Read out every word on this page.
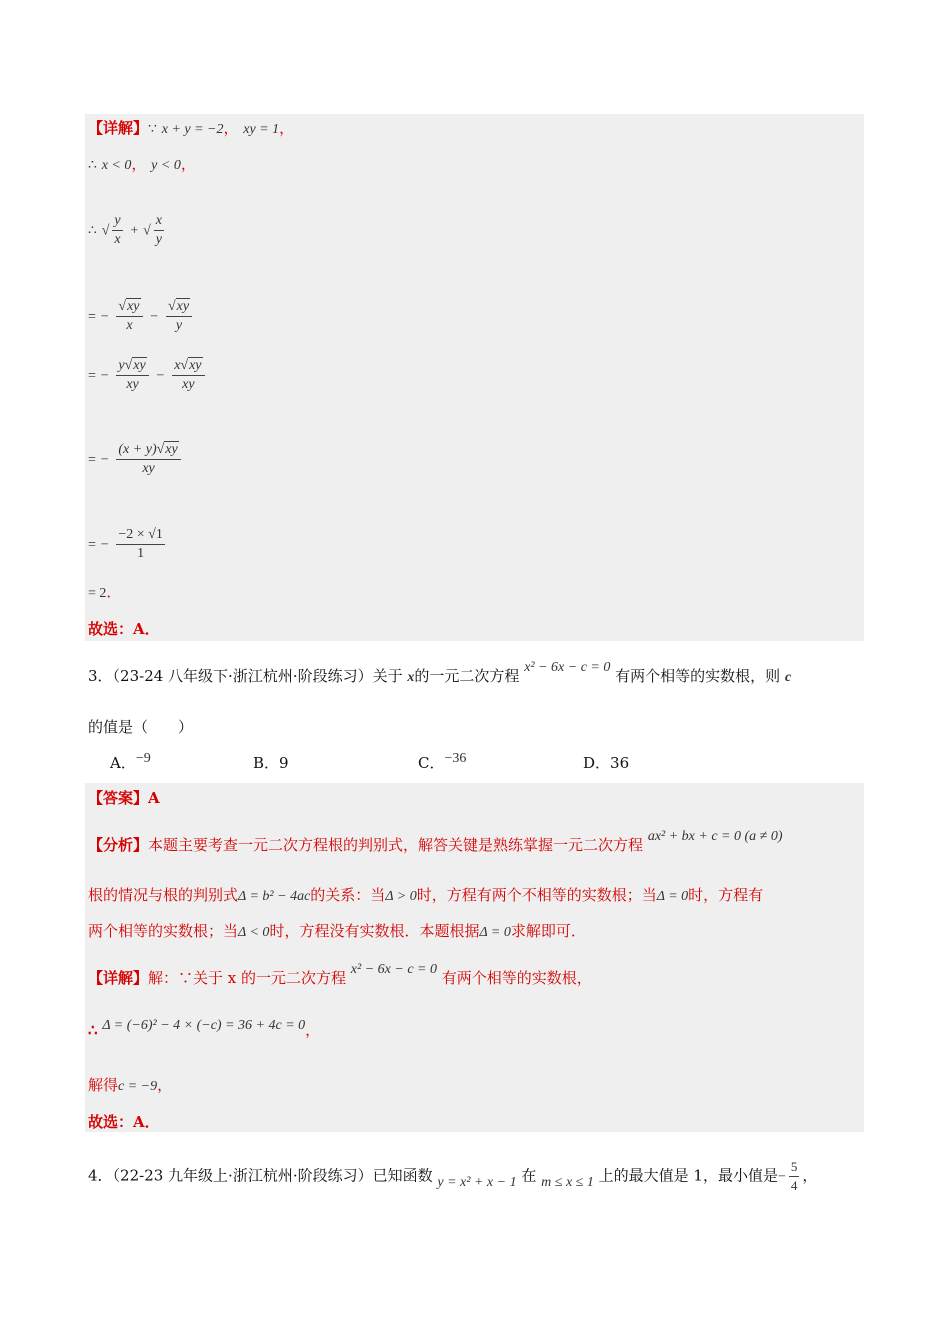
【详解】∵ x + y = −2， xy = 1，
∴ x < 0， y < 0，
∴ √ $\frac{y}{x}$ + √ $\frac{x}{y}$
= − $\frac{√xy}{x} - \frac{√xy}{y}$
= − $\frac{y√xy}{xy} - \frac{x√xy}{xy}$
= − $\frac{(x + y)√xy}{xy}$
= − $\frac{-2 \times √1}{1}$
= 2．
故选：A．
3．（23-24 八年级下·浙江杭州·阶段练习）关于 x的一元二次方程 x² − 6x − c = 0 有两个相等的实数根，则 c
的值是（　　）
A．−9	B．9	C．−36	D．36
【答案】A
【分析】本题主要考查一元二次方程根的判别式，解答关键是熟练掌握一元二次方程 ax² + bx + c = 0 (a ≠ 0)
根的情况与根的判别式Δ = b² − 4ac的关系：当Δ > 0时，方程有两个不相等的实数根；当Δ = 0时，方程有
两个相等的实数根；当Δ < 0时，方程没有实数根．本题根据Δ = 0求解即可．
【详解】解：∵关于 x 的一元二次方程 x² − 6x − c = 0 有两个相等的实数根，
∴ Δ = (−6)² − 4 × (−c) = 36 + 4c = 0，
解得c = −9，
故选：A．
4．（22-23 九年级上·浙江杭州·阶段练习）已知函数 y = x² + x − 1 在 m ≤ x ≤ 1 上的最大值是 1，最小值是− $\frac{5}{4}$ ，
